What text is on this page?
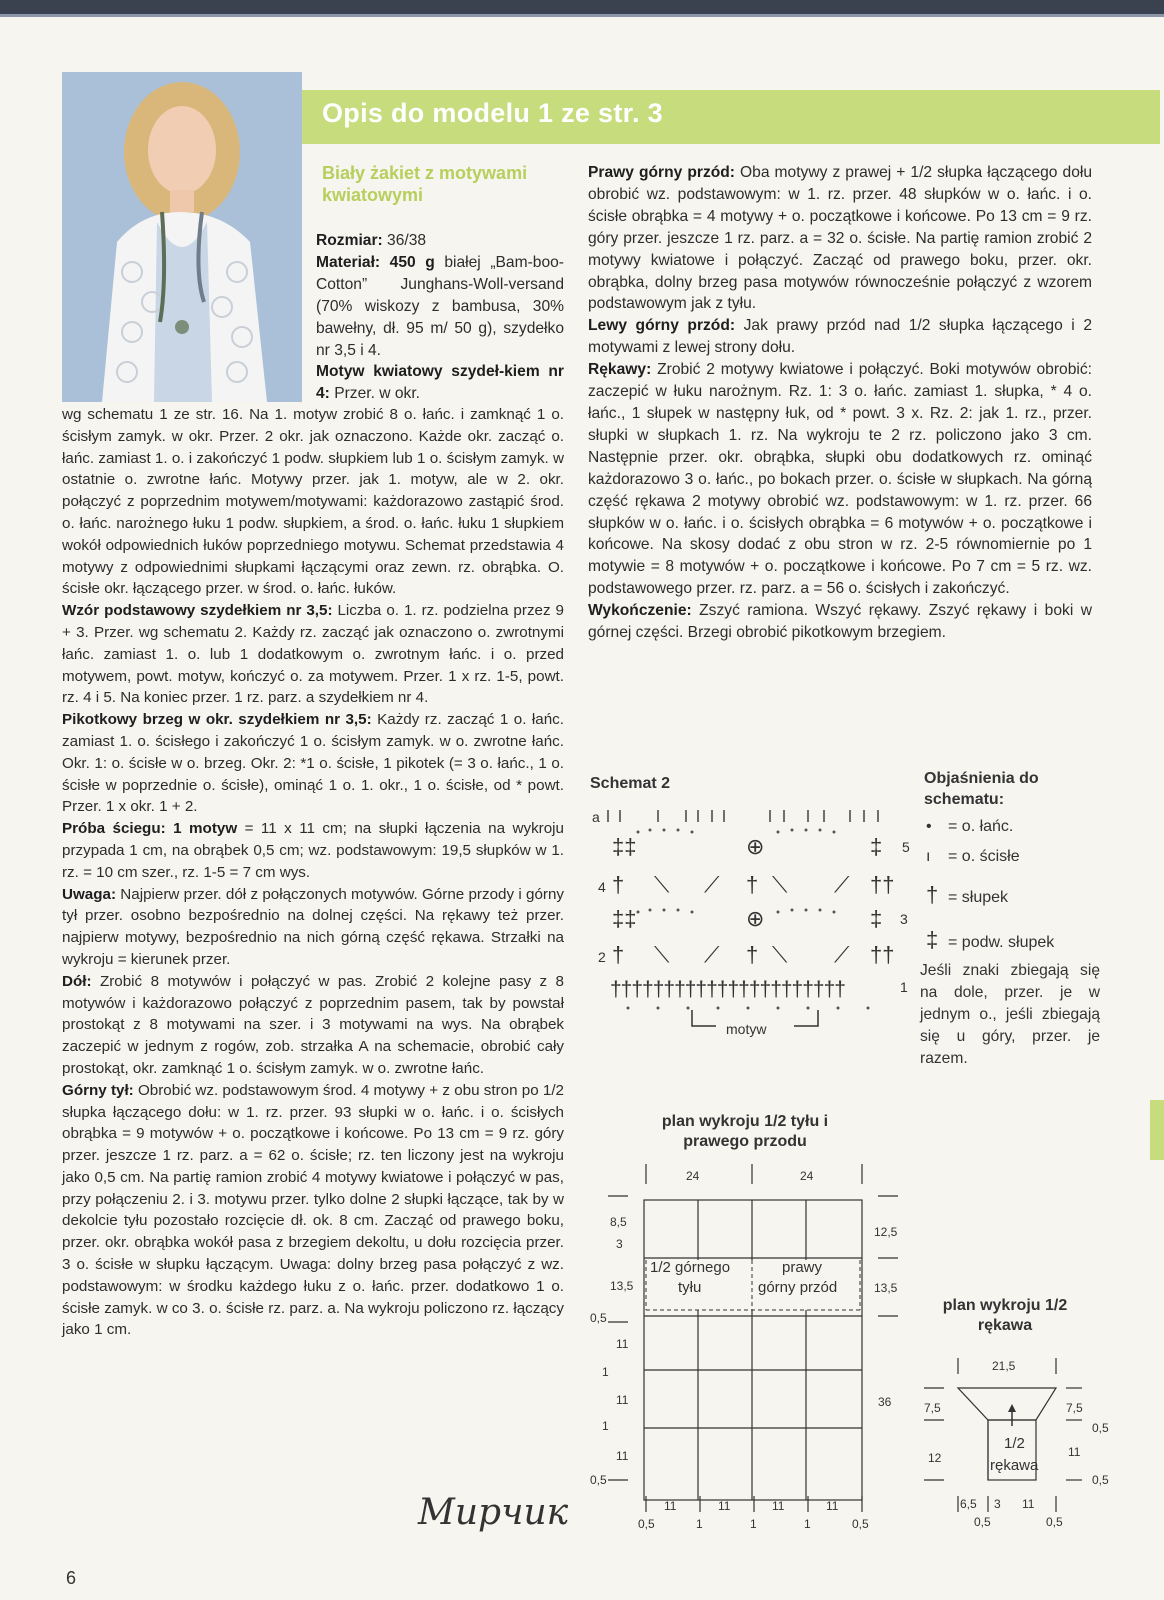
Opis do modelu 1 ze str. 3
Biały żakiet z motywami
kwiatowymi

Rozmiar: 36/38

Materiał: 450 g białej „Bam-boo-Cotton” Junghans-Woll-versand (70% wiskozy z bambusa, 30% bawełny, dł. 95 m/ 50 g), szydełko nr 3,5 i 4.

Motyw kwiatowy szydeł-kiem nr 4: Przer. w okr.

wg schematu 1 ze str. 16. Na 1. motyw zrobić 8 o. łańc. i zamknąć 1 o. ścisłym zamyk. w okr. Przer. 2 okr. jak oznaczono. Każde okr. zacząć o. łańc. zamiast 1. o. i zakończyć 1 podw. słupkiem lub 1 o. ścisłym zamyk. w ostatnie o. zwrotne łańc. Motywy przer. jak 1. motyw, ale w 2. okr. połączyć z poprzednim motywem/motywami: każdorazowo zastąpić środ. o. łańc. narożnego łuku 1 podw. słupkiem, a środ. o. łańc. łuku 1 słupkiem wokół odpowiednich łuków poprzedniego motywu. Schemat przedstawia 4 motywy z odpowiednimi słupkami łączącymi oraz zewn. rz. obrąbka. O. ścisłe okr. łączącego przer. w środ. o. łańc. łuków.

Wzór podstawowy szydełkiem nr 3,5: Liczba o. 1. rz. podzielna przez 9 + 3. Przer. wg schematu 2. Każdy rz. zacząć jak oznaczono o. zwrotnymi łańc. zamiast 1. o. lub 1 dodatkowym o. zwrotnym łańc. i o. przed motywem, powt. motyw, kończyć o. za motywem. Przer. 1 x rz. 1-5, powt. rz. 4 i 5. Na koniec przer. 1 rz. parz. a szydełkiem nr 4.

Pikotkowy brzeg w okr. szydełkiem nr 3,5: Każdy rz. zacząć 1 o. łańc. zamiast 1. o. ścisłego i zakończyć 1 o. ścisłym zamyk. w o. zwrotne łańc. Okr. 1: o. ścisłe w o. brzeg. Okr. 2: *1 o. ścisłe, 1 pikotek (= 3 o. łańc., 1 o. ścisłe w poprzednie o. ścisłe), ominąć 1 o. 1. okr., 1 o. ścisłe, od * powt. Przer. 1 x okr. 1 + 2.

Próba ściegu: 1 motyw = 11 x 11 cm; na słupki łączenia na wykroju przypada 1 cm, na obrąbek 0,5 cm; wz. podstawowym: 19,5 słupków w 1. rz. = 10 cm szer., rz. 1-5 = 7 cm wys.

Uwaga: Najpierw przer. dół z połączonych motywów. Górne przody i górny tył przer. osobno bezpośrednio na dolnej części. Na rękawy też przer. najpierw motywy, bezpośrednio na nich górną część rękawa. Strzałki na wykroju = kierunek przer.

Dół: Zrobić 8 motywów i połączyć w pas. Zrobić 2 kolejne pasy z 8 motywów i każdorazowo połączyć z poprzednim pasem, tak by powstał prostokąt z 8 motywami na szer. i 3 motywami na wys. Na obrąbek zaczepić w jednym z rogów, zob. strzałka A na schemacie, obrobić cały prostokąt, okr. zamknąć 1 o. ścisłym zamyk. w o. zwrotne łańc.

Górny tył: Obrobić wz. podstawowym środ. 4 motywy + z obu stron po 1/2 słupka łączącego dołu: w 1. rz. przer. 93 słupki w o. łańc. i o. ścisłych obrąbka = 9 motywów + o. początkowe i końcowe. Po 13 cm = 9 rz. góry przer. jeszcze 1 rz. parz. a = 62 o. ścisłe; rz. ten liczony jest na wykroju jako 0,5 cm. Na partię ramion zrobić 4 motywy kwiatowe i połączyć w pas, przy połączeniu 2. i 3. motywu przer. tylko dolne 2 słupki łączące, tak by w dekolcie tyłu pozostało rozcięcie dł. ok. 8 cm. Zacząć od prawego boku, przer. okr. obrąbka wokół pasa z brzegiem dekoltu, u dołu rozcięcia przer. 3 o. ścisłe w słupku łączącym. Uwaga: dolny brzeg pasa połączyć z wz. podstawowym: w środku każdego łuku z o. łańc. przer. dodatkowo 1 o. ścisłe zamyk. w co 3. o. ścisłe rz. parz. a. Na wykroju policzono rz. łączący jako 1 cm.

Prawy górny przód: Oba motywy z prawej + 1/2 słupka łączącego dołu obrobić wz. podstawowym: w 1. rz. przer. 48 słupków w o. łańc. i o. ścisłe obrąbka = 4 motywy + o. początkowe i końcowe. Po 13 cm = 9 rz. góry przer. jeszcze 1 rz. parz. a = 32 o. ścisłe. Na partię ramion zrobić 2 motywy kwiatowe i połączyć. Zacząć od prawego boku, przer. okr. obrąbka, dolny brzeg pasa motywów równocześnie połączyć z wzorem podstawowym jak z tyłu.

Lewy górny przód: Jak prawy przód nad 1/2 słupka łączącego i 2 motywami z lewej strony dołu.

Rękawy: Zrobić 2 motywy kwiatowe i połączyć. Boki motywów obrobić: zaczepić w łuku narożnym. Rz. 1: 3 o. łańc. zamiast 1. słupka, * 4 o. łańc., 1 słupek w następny łuk, od * powt. 3 x. Rz. 2: jak 1. rz., przer. słupki w słupkach 1. rz. Na wykroju te 2 rz. policzono jako 3 cm. Następnie przer. okr. obrąbka, słupki obu dodatkowych rz. ominąć każdorazowo 3 o. łańc., po bokach przer. o. ścisłe w słupkach. Na górną część rękawa 2 motywy obrobić wz. podstawowym: w 1. rz. przer. 66 słupków w o. łańc. i o. ścisłych obrąbka = 6 motywów + o. początkowe i końcowe. Na skosy dodać z obu stron w rz. 2-5 równomiernie po 1 motywie = 8 motywów + o. początkowe i końcowe. Po 7 cm = 5 rz. wz. podstawowego przer. rz. parz. a = 56 o. ścisłych i zakończyć.

Wykończenie: Zszyć ramiona. Wszyć rękawy. Zszyć rękawy i boki w górnej części. Brzegi obrobić pikotkowym brzegiem.

Schemat 2
a
5
4
3
2
1
motyw
‡‡	⊕	‡
† ⟍ ⟋ † ⟍ ⟋ ††
‡‡	⊕	‡
† ⟍ ⟋ † ⟍ ⟋ ††
††††††††††††††††††††††
Objaśnienia do schematu:
• = o. łańc.
ı = o. ścisłe
† = słupek
‡ = podw. słupek
Jeśli znaki zbiegają się na dole, przer. je w jednym o., jeśli zbiegają się u góry, przer. je razem.
plan wykroju 1/2 tyłu i prawego przodu
24	24
8,5
3
13,5
0,5
11
1
11
1
11
0,5
12,5
13,5
36
11	11	11	11
0,5	1	1	1	0,5
1/2 górnego
tyłu
prawy
górny przód
plan wykroju 1/2 rękawa
21,5
7,5
12
7,5
0,5
11
0,5
6,5 3 11
0,5	0,5
1/2
rękawa
6
Мирчик
